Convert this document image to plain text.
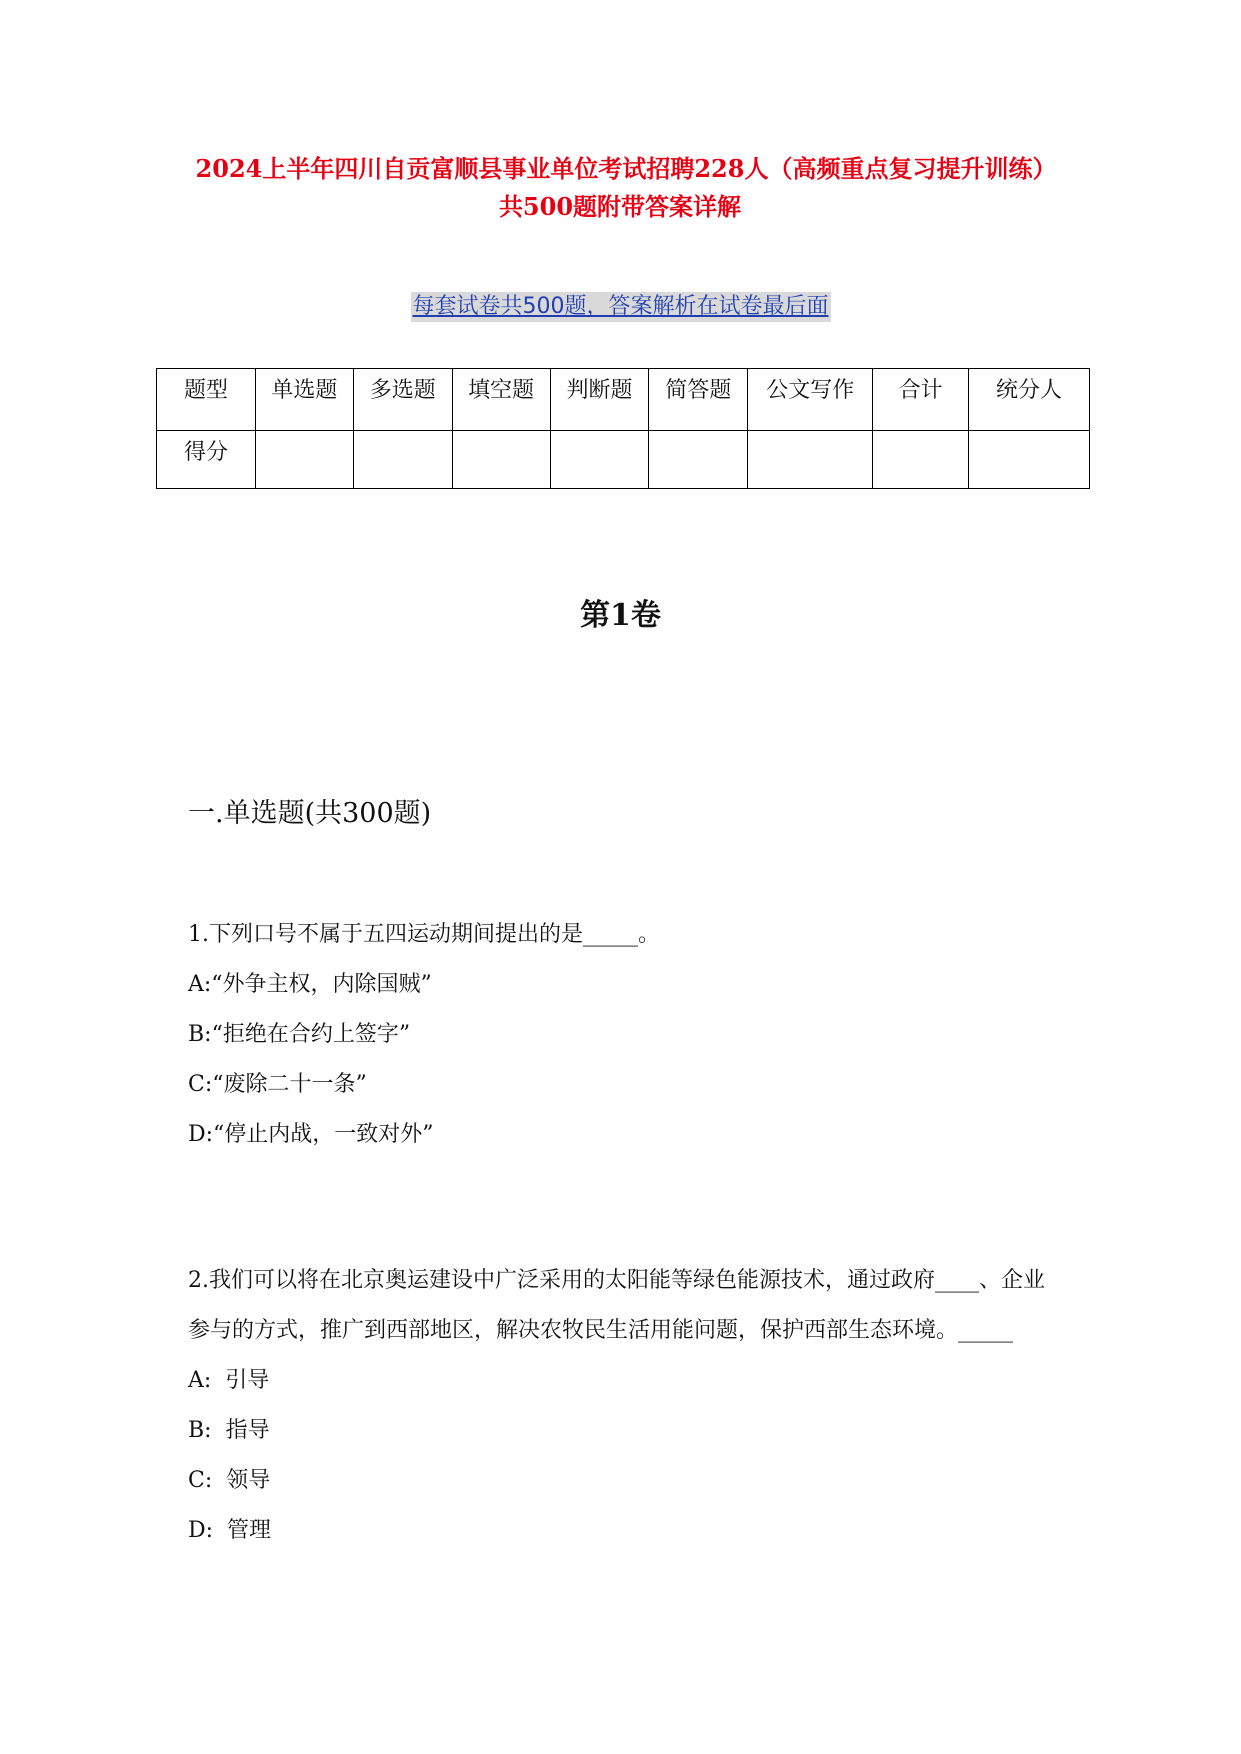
2024上半年四川自贡富顺县事业单位考试招聘228人（高频重点复习提升训练）共500题附带答案详解
每套试卷共500题，答案解析在试卷最后面
题型	单选题	多选题	填空题	判断题	简答题	公文写作	合计	统分人
得分								
第1卷
一.单选题(共300题)

1.下列口号不属于五四运动期间提出的是_____。

A:“外争主权，内除国贼”

B:“拒绝在合约上签字”

C:“废除二十一条”

D:“停止内战，一致对外”

2.我们可以将在北京奥运建设中广泛采用的太阳能等绿色能源技术，通过政府____、企业参与的方式，推广到西部地区，解决农牧民生活用能问题，保护西部生态环境。_____

A:  引导

B:  指导

C:  领导

D:  管理
